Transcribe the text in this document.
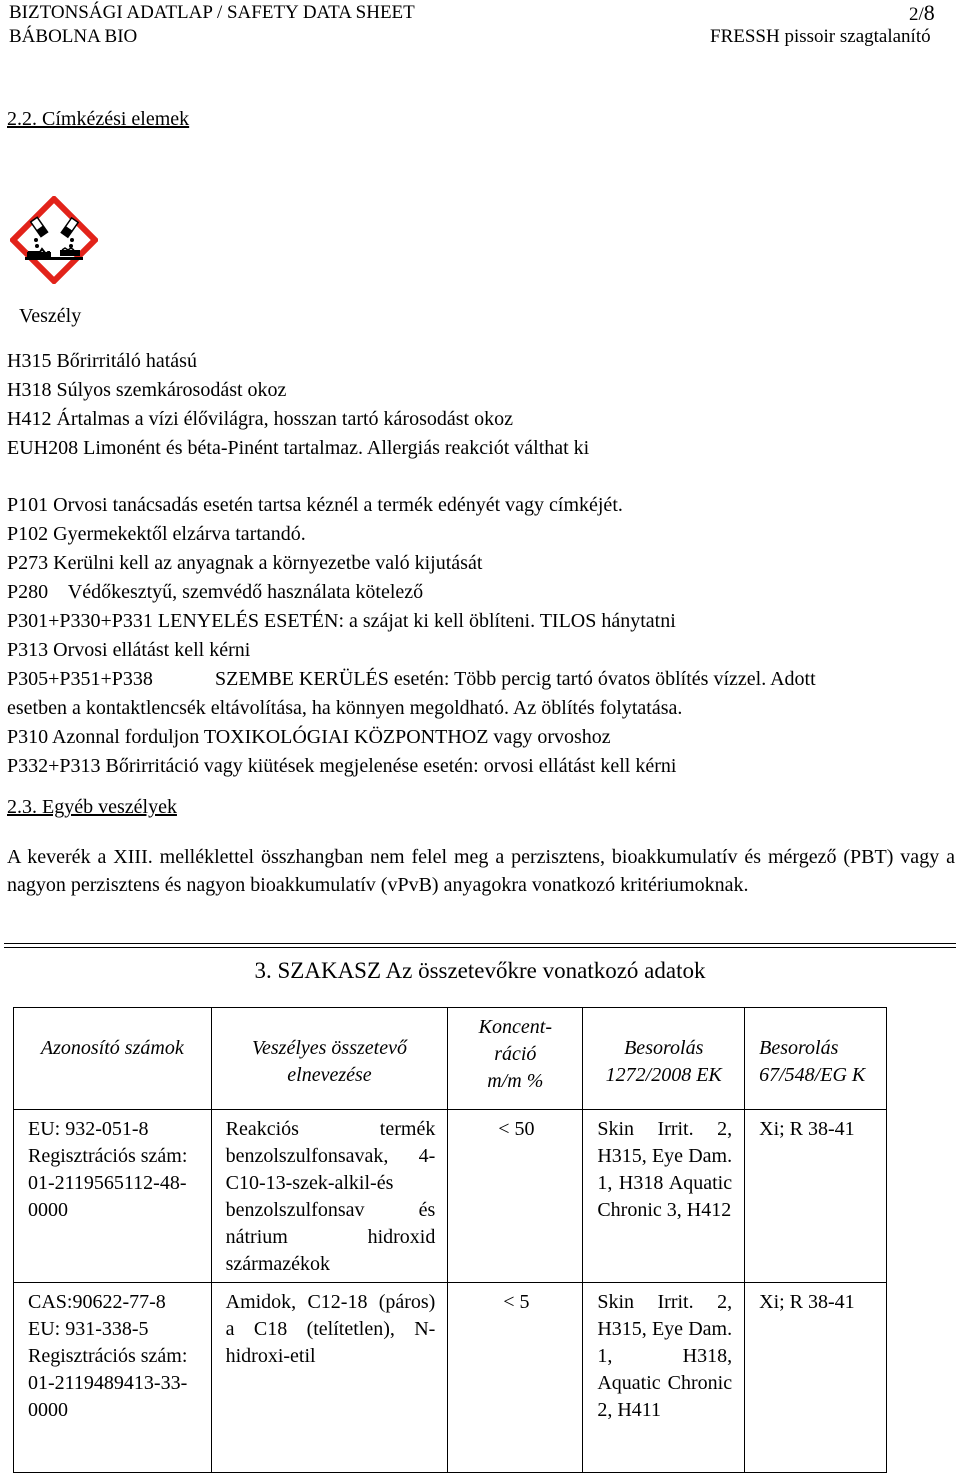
BIZTONSÁGI ADATLAP / SAFETY DATA SHEET
BÁBOLNA BIO
2/8
FRESSH pissoir szagtalanító
2.2. Címkézési elemek
Veszély
H315 Bőrirritáló hatású
H318 Súlyos szemkárosodást okoz
H412 Ártalmas a vízi élővilágra, hosszan tartó károsodást okoz
EUH208 Limonént és béta-Pinént tartalmaz. Allergiás reakciót válthat ki
P101 Orvosi tanácsadás esetén tartsa kéznél a termék edényét vagy címkéjét.
P102 Gyermekektől elzárva tartandó.
P273 Kerülni kell az anyagnak a környezetbe való kijutását
P280    Védőkesztyű, szemvédő használata kötelező
P301+P330+P331 LENYELÉS ESETÉN: a szájat ki kell öblíteni. TILOS hánytatni
P313 Orvosi ellátást kell kérni
P305+P351+P338	SZEMBE KERÜLÉS esetén: Több percig tartó óvatos öblítés vízzel. Adott
esetben a kontaktlencsék eltávolítása, ha könnyen megoldható. Az öblítés folytatása.
P310 Azonnal forduljon TOXIKOLÓGIAI KÖZPONTHOZ vagy orvoshoz
P332+P313 Bőrirritáció vagy kiütések megjelenése esetén: orvosi ellátást kell kérni
2.3. Egyéb veszélyek
A keverék a XIII. melléklettel összhangban nem felel meg a perzisztens, bioakkumulatív és mérgező (PBT) vagy a nagyon perzisztens és nagyon bioakkumulatív (vPvB) anyagokra vonatkozó kritériumoknak.
3. SZAKASZ Az összetevőkre vonatkozó adatok
Azonosító számok	Veszélyes összetevő elnevezése	Koncent-ráció m/m %	Besorolás 1272/2008 EK	Besorolás 67/548/EG K

EU: 932-051-8 Regisztrációs szám: 01-2119565112-48-0000	Reakciós termék benzolszulfonsavak, 4-C10-13-szek-alkil-és benzolszulfonsav és nátrium hidroxid származékok	< 50	Skin Irrit. 2, H315, Eye Dam. 1, H318 Aquatic Chronic 3, H412	Xi; R 38-41

CAS:90622-77-8 EU: 931-338-5 Regisztrációs szám: 01-2119489413-33-0000	Amidok, C12-18 (páros) a C18 (telítetlen), N-hidroxi-etil	< 5	Skin Irrit. 2, H315, Eye Dam. 1, H318, Aquatic Chronic 2, H411	Xi; R 38-41
